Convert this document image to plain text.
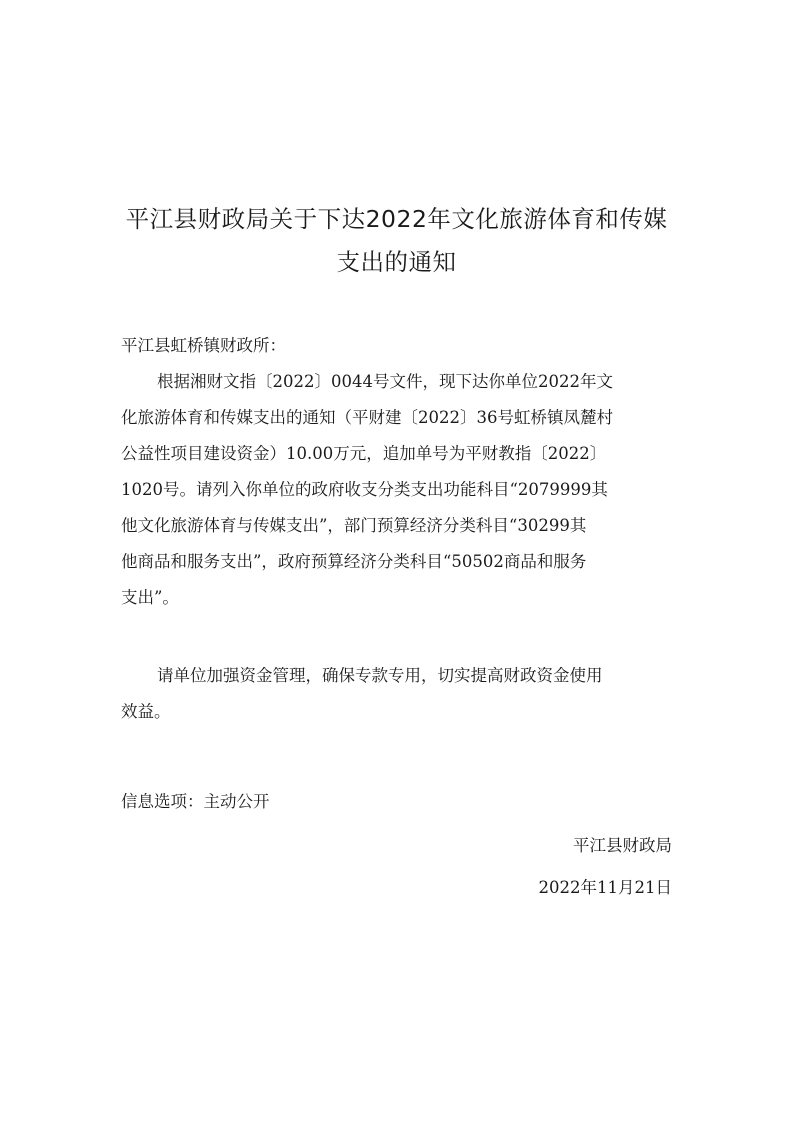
平江县财政局关于下达2022年文化旅游体育和传媒
支出的通知

平江县虹桥镇财政所：

根据湘财文指〔2022〕0044号文件，现下达你单位2022年文
化旅游体育和传媒支出的通知（平财建〔2022〕36号虹桥镇凤麓村
公益性项目建设资金）10.00万元，追加单号为平财教指〔2022〕
1020号。请列入你单位的政府收支分类支出功能科目“2079999其
他文化旅游体育与传媒支出”，部门预算经济分类科目“30299其
他商品和服务支出”，政府预算经济分类科目“50502商品和服务
支出”。
请单位加强资金管理，确保专款专用，切实提高财政资金使用
效益。

信息选项：主动公开

平江县财政局
2022年11月21日
